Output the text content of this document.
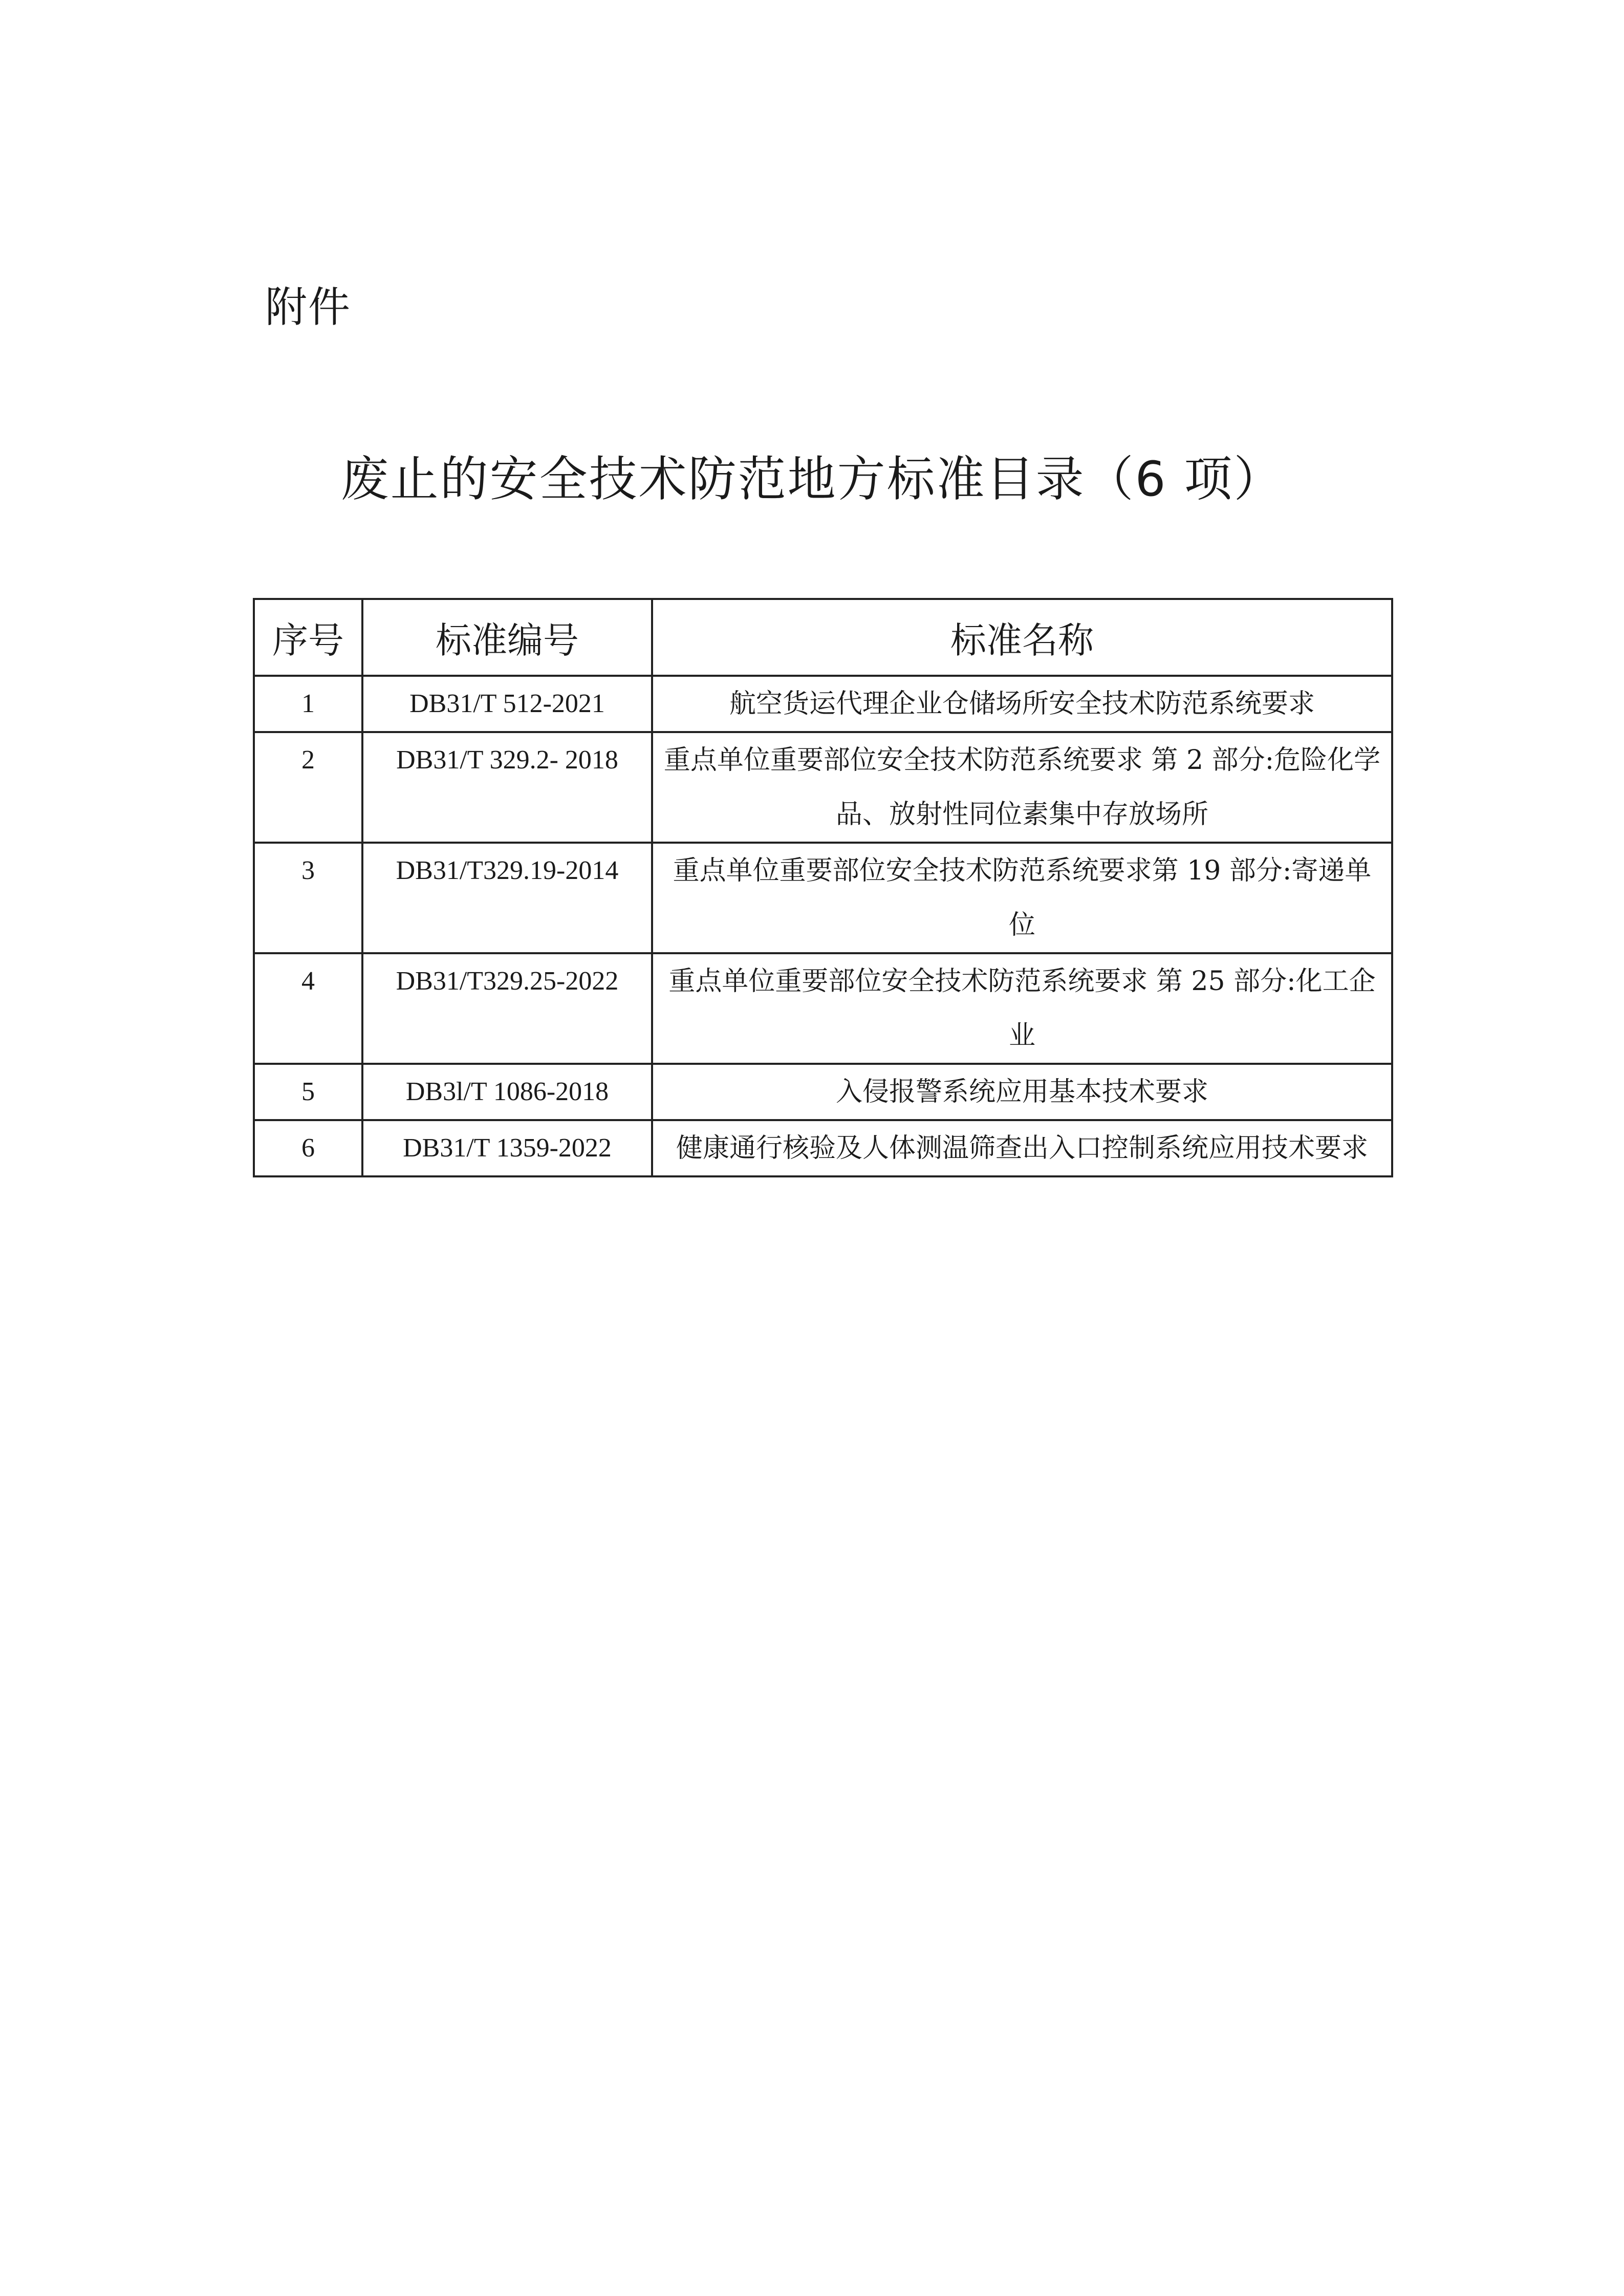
附件
废止的安全技术防范地方标准目录（6 项）
序号	标准编号	标准名称
1	DB31/T 512-2021	航空货运代理企业仓储场所安全技术防范系统要求
2	DB31/T 329.2- 2018	重点单位重要部位安全技术防范系统要求 第 2 部分:危险化学品、放射性同位素集中存放场所
3	DB31/T329.19-2014	重点单位重要部位安全技术防范系统要求第 19 部分:寄递单位
4	DB31/T329.25-2022	重点单位重要部位安全技术防范系统要求 第 25 部分:化工企业
5	DB3l/T 1086-2018	入侵报警系统应用基本技术要求
6	DB31/T 1359-2022	健康通行核验及人体测温筛查出入口控制系统应用技术要求
